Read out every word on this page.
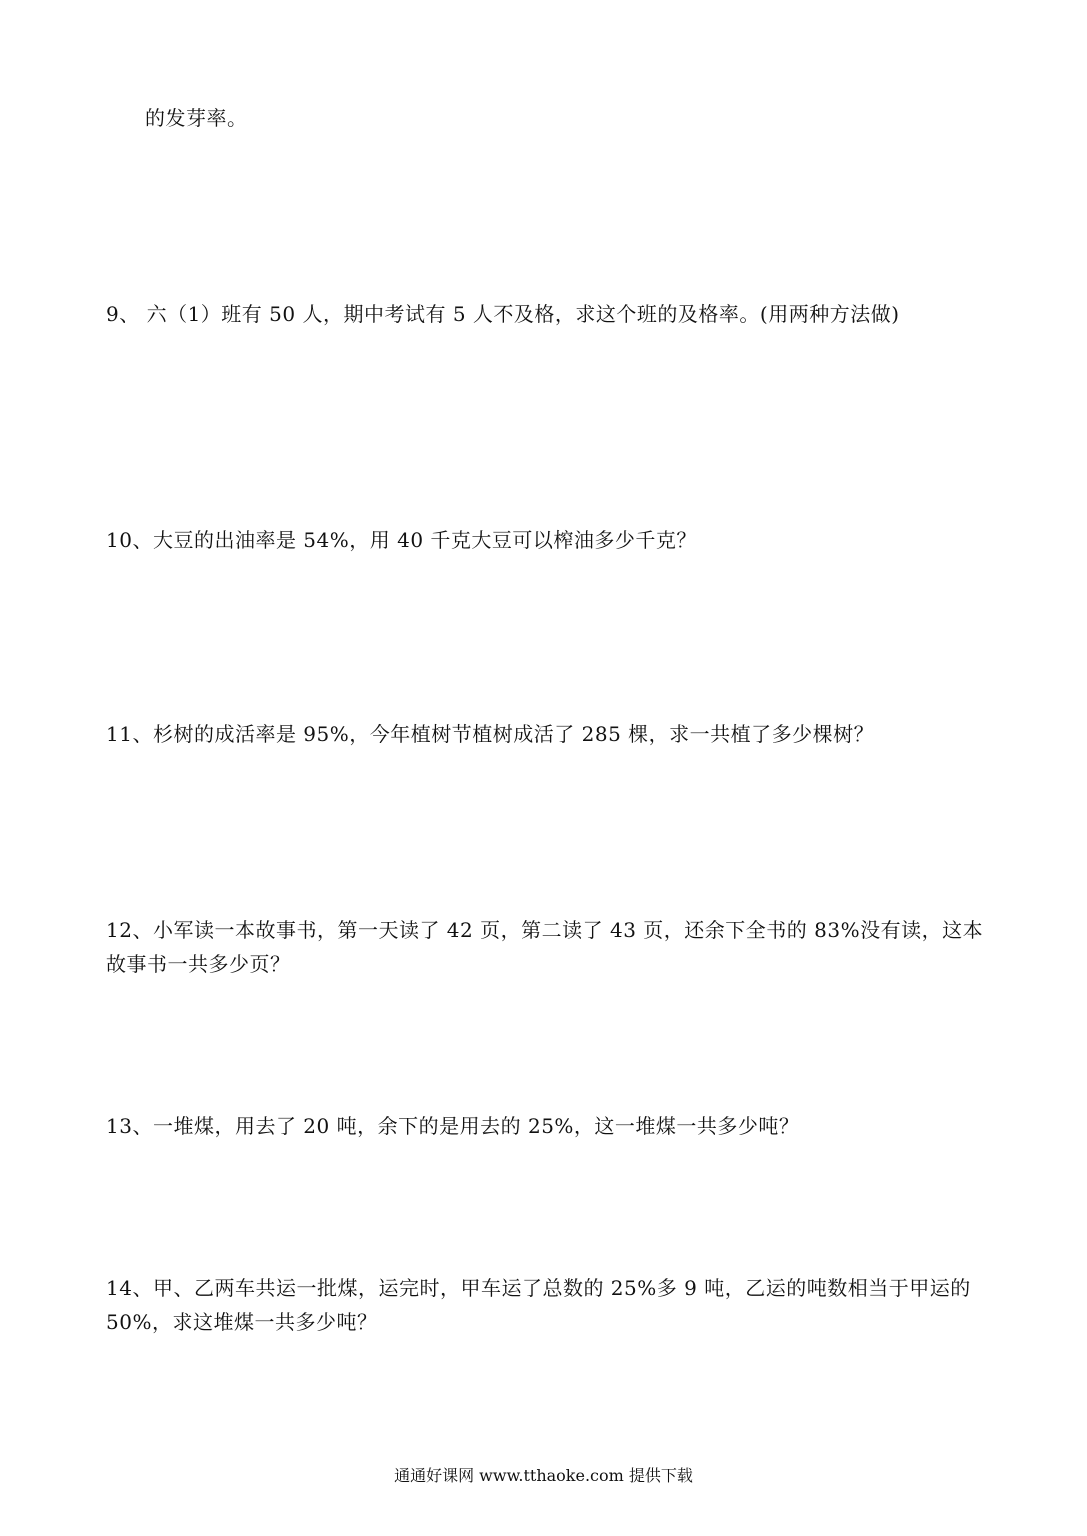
的发芽率。
9、 六（1）班有 50 人，期中考试有 5 人不及格，求这个班的及格率。(用两种方法做)
10、大豆的出油率是 54%，用 40 千克大豆可以榨油多少千克？
11、杉树的成活率是 95%，今年植树节植树成活了 285 棵，求一共植了多少棵树？
12、小军读一本故事书，第一天读了 42 页，第二读了 43 页，还余下全书的 83%没有读，这本故事书一共多少页？
13、一堆煤，用去了 20 吨，余下的是用去的 25%，这一堆煤一共多少吨？
14、甲、乙两车共运一批煤，运完时，甲车运了总数的 25%多 9 吨，乙运的吨数相当于甲运的 50%，求这堆煤一共多少吨？
通通好课网 www.tthaoke.com 提供下载
